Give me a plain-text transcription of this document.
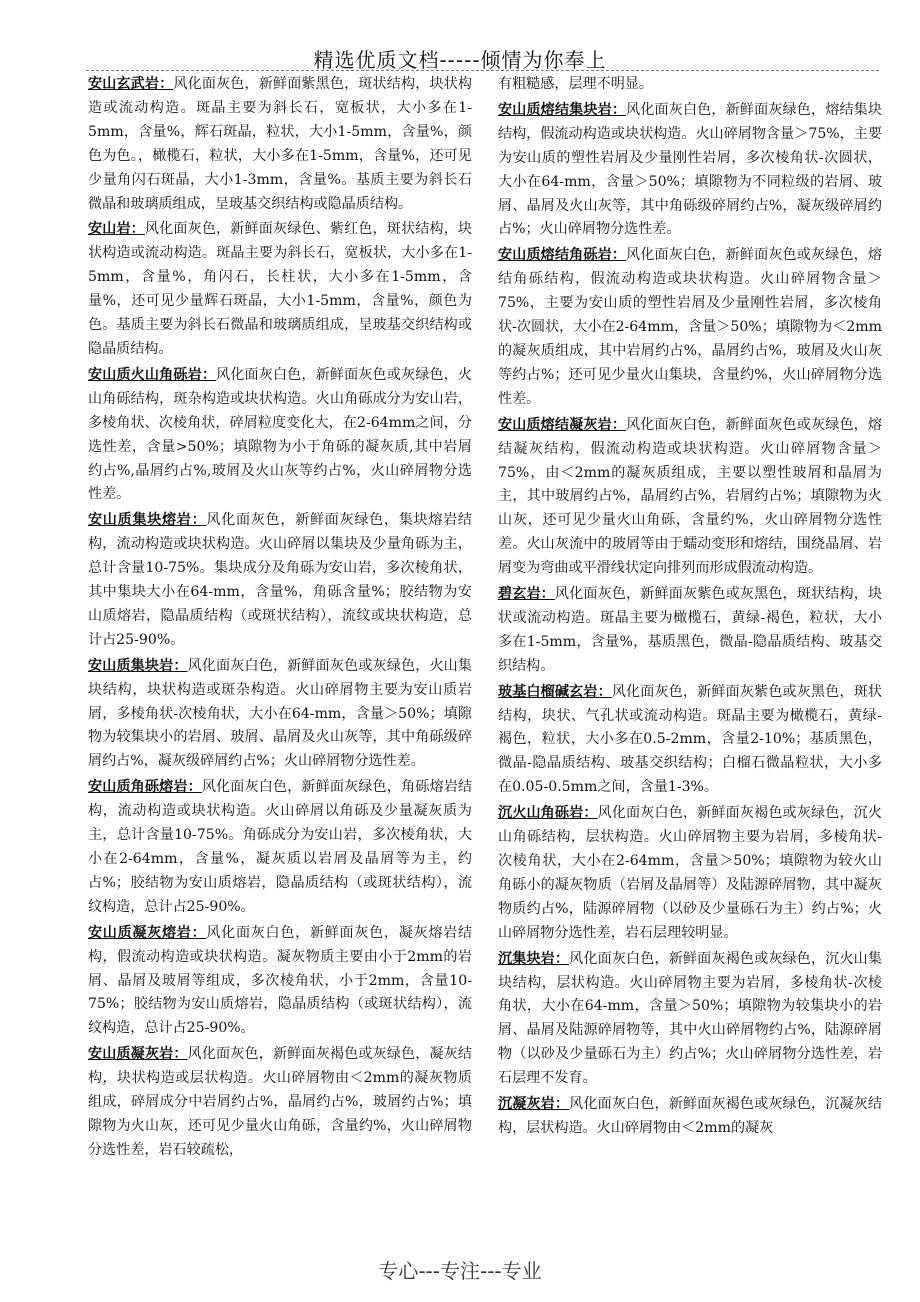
精选优质文档-----倾情为你奉上

安山玄武岩：风化面灰色，新鲜面紫黑色，斑状结构，块状构造或流动构造。斑晶主要为斜长石，宽板状，大小多在1-5mm，含量%，辉石斑晶，粒状，大小1-5mm，含量%，颜色为色。，橄榄石，粒状，大小多在1-5mm，含量%，还可见少量角闪石斑晶，大小1-3mm，含量%。基质主要为斜长石微晶和玻璃质组成，呈玻基交织结构或隐晶质结构。

安山岩：风化面灰色，新鲜面灰绿色、紫红色，斑状结构，块状构造或流动构造。斑晶主要为斜长石，宽板状，大小多在1-5mm，含量%，角闪石，长柱状，大小多在1-5mm，含量%，还可见少量辉石斑晶，大小1-5mm，含量%，颜色为色。基质主要为斜长石微晶和玻璃质组成，呈玻基交织结构或隐晶质结构。

安山质火山角砾岩：风化面灰白色，新鲜面灰色或灰绿色，火山角砾结构，斑杂构造或块状构造。火山角砾成分为安山岩，多棱角状、次棱角状，碎屑粒度变化大，在2-64mm之间，分选性差，含量>50%；填隙物为小于角砾的凝灰质,其中岩屑约占%,晶屑约占%,玻屑及火山灰等约占%，火山碎屑物分选性差。

安山质集块熔岩：风化面灰色，新鲜面灰绿色，集块熔岩结构，流动构造或块状构造。火山碎屑以集块及少量角砾为主，总计含量10-75%。集块成分及角砾为安山岩，多次棱角状，其中集块大小在64-mm，含量%，角砾含量%；胶结物为安山质熔岩，隐晶质结构（或斑状结构），流纹或块状构造，总计占25-90%。

安山质集块岩：风化面灰白色，新鲜面灰色或灰绿色，火山集块结构，块状构造或斑杂构造。火山碎屑物主要为安山质岩屑，多棱角状-次棱角状，大小在64-mm，含量＞50%；填隙物为较集块小的岩屑、玻屑、晶屑及火山灰等，其中角砾级碎屑约占%，凝灰级碎屑约占%；火山碎屑物分选性差。

安山质角砾熔岩：风化面灰白色，新鲜面灰绿色，角砾熔岩结构，流动构造或块状构造。火山碎屑以角砾及少量凝灰质为主，总计含量10-75%。角砾成分为安山岩，多次棱角状，大小在2-64mm，含量%，凝灰质以岩屑及晶屑等为主，约占%；胶结物为安山质熔岩，隐晶质结构（或斑状结构），流纹构造，总计占25-90%。

安山质凝灰熔岩：风化面灰白色，新鲜面灰色，凝灰熔岩结构，假流动构造或块状构造。凝灰物质主要由小于2mm的岩屑、晶屑及玻屑等组成，多次棱角状，小于2mm，含量10-75%；胶结物为安山质熔岩，隐晶质结构（或斑状结构），流纹构造，总计占25-90%。

安山质凝灰岩：风化面灰色，新鲜面灰褐色或灰绿色，凝灰结构，块状构造或层状构造。火山碎屑物由＜2mm的凝灰物质组成，碎屑成分中岩屑约占%，晶屑约占%，玻屑约占%；填隙物为火山灰，还可见少量火山角砾，含量约%，火山碎屑物分选性差，岩石较疏松，

有粗糙感，层理不明显。

安山质熔结集块岩：风化面灰白色，新鲜面灰绿色，熔结集块结构，假流动构造或块状构造。火山碎屑物含量＞75%，主要为安山质的塑性岩屑及少量刚性岩屑，多次棱角状-次圆状，大小在64-mm，含量＞50%；填隙物为不同粒级的岩屑、玻屑、晶屑及火山灰等，其中角砾级碎屑约占%，凝灰级碎屑约占%；火山碎屑物分选性差。

安山质熔结角砾岩：风化面灰白色，新鲜面灰色或灰绿色，熔结角砾结构，假流动构造或块状构造。火山碎屑物含量＞75%，主要为安山质的塑性岩屑及少量刚性岩屑，多次棱角状-次圆状，大小在2-64mm，含量＞50%；填隙物为＜2mm的凝灰质组成，其中岩屑约占%，晶屑约占%，玻屑及火山灰等约占%；还可见少量火山集块，含量约%，火山碎屑物分选性差。

安山质熔结凝灰岩：风化面灰白色，新鲜面灰色或灰绿色，熔结凝灰结构，假流动构造或块状构造。火山碎屑物含量＞75%，由＜2mm的凝灰质组成，主要以塑性玻屑和晶屑为主，其中玻屑约占%，晶屑约占%，岩屑约占%；填隙物为火山灰，还可见少量火山角砾，含量约%，火山碎屑物分选性差。火山灰流中的玻屑等由于蠕动变形和熔结，围绕晶屑、岩屑变为弯曲或平滑线状定向排列而形成假流动构造。

碧玄岩：风化面灰色，新鲜面灰紫色或灰黑色，斑状结构，块状或流动构造。斑晶主要为橄榄石，黄绿-褐色，粒状，大小多在1-5mm，含量%，基质黑色，微晶-隐晶质结构、玻基交织结构。

玻基白榴碱玄岩：风化面灰色，新鲜面灰紫色或灰黑色，斑状结构，块状、气孔状或流动构造。斑晶主要为橄榄石，黄绿-褐色，粒状，大小多在0.5-2mm，含量2-10%；基质黑色，微晶-隐晶质结构、玻基交织结构；白榴石微晶粒状，大小多在0.05-0.5mm之间，含量1-3%。

沉火山角砾岩：风化面灰白色，新鲜面灰褐色或灰绿色，沉火山角砾结构，层状构造。火山碎屑物主要为岩屑，多棱角状-次棱角状，大小在2-64mm，含量＞50%；填隙物为较火山角砾小的凝灰物质（岩屑及晶屑等）及陆源碎屑物，其中凝灰物质约占%，陆源碎屑物（以砂及少量砾石为主）约占%；火山碎屑物分选性差，岩石层理较明显。

沉集块岩：风化面灰白色，新鲜面灰褐色或灰绿色，沉火山集块结构，层状构造。火山碎屑物主要为岩屑，多棱角状-次棱角状，大小在64-mm，含量＞50%；填隙物为较集块小的岩屑、晶屑及陆源碎屑物等，其中火山碎屑物约占%，陆源碎屑物（以砂及少量砾石为主）约占%；火山碎屑物分选性差，岩石层理不发育。

沉凝灰岩：风化面灰白色，新鲜面灰褐色或灰绿色，沉凝灰结构，层状构造。火山碎屑物由＜2mm的凝灰

专心---专注---专业
